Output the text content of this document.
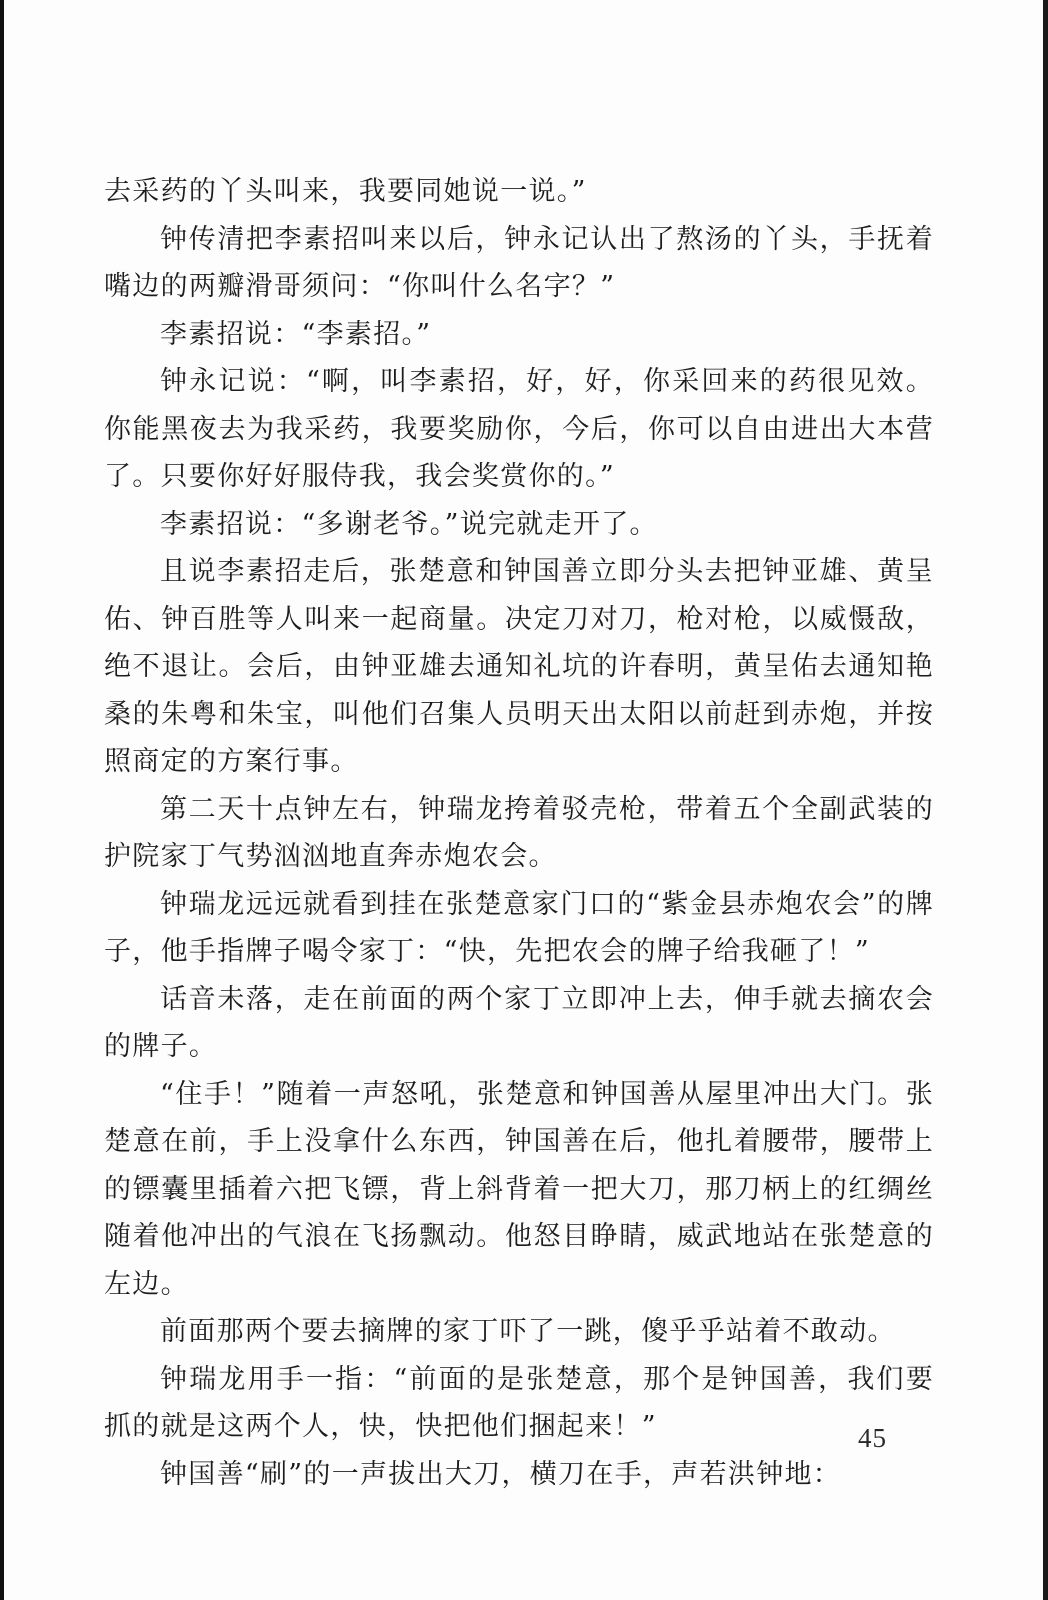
去采药的丫头叫来，我要同她说一说。”

钟传清把李素招叫来以后，钟永记认出了熬汤的丫头，手抚着嘴边的两瓣滑哥须问：“你叫什么名字？”

李素招说：“李素招。”

钟永记说：“啊，叫李素招，好，好，你采回来的药很见效。你能黑夜去为我采药，我要奖励你，今后，你可以自由进出大本营了。只要你好好服侍我，我会奖赏你的。”

李素招说：“多谢老爷。”说完就走开了。

且说李素招走后，张楚意和钟国善立即分头去把钟亚雄、黄呈佑、钟百胜等人叫来一起商量。决定刀对刀，枪对枪，以威慑敌，绝不退让。会后，由钟亚雄去通知礼坑的许春明，黄呈佑去通知艳桑的朱粤和朱宝，叫他们召集人员明天出太阳以前赶到赤炮，并按照商定的方案行事。

第二天十点钟左右，钟瑞龙挎着驳壳枪，带着五个全副武装的护院家丁气势汹汹地直奔赤炮农会。

钟瑞龙远远就看到挂在张楚意家门口的“紫金县赤炮农会”的牌子，他手指牌子喝令家丁：“快，先把农会的牌子给我砸了！”

话音未落，走在前面的两个家丁立即冲上去，伸手就去摘农会的牌子。

“住手！”随着一声怒吼，张楚意和钟国善从屋里冲出大门。张楚意在前，手上没拿什么东西，钟国善在后，他扎着腰带，腰带上的镖囊里插着六把飞镖，背上斜背着一把大刀，那刀柄上的红绸丝随着他冲出的气浪在飞扬飘动。他怒目睁睛，威武地站在张楚意的左边。

前面那两个要去摘牌的家丁吓了一跳，傻乎乎站着不敢动。

钟瑞龙用手一指：“前面的是张楚意，那个是钟国善，我们要抓的就是这两个人，快，快把他们捆起来！”

钟国善“刷”的一声拔出大刀，横刀在手，声若洪钟地：

45
